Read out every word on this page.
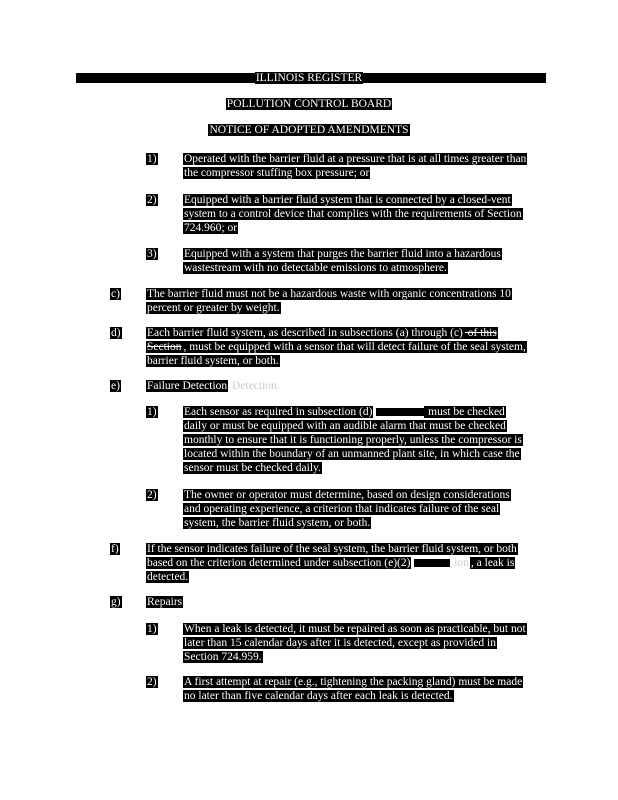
ILLINOIS REGISTER
POLLUTION CONTROL BOARD
NOTICE OF ADOPTED AMENDMENTS
1) Operated with the barrier fluid at a pressure that is at all times greater than
the compressor stuffing box pressure; or
2) Equipped with a barrier fluid system that is connected by a closed-vent
system to a control device that complies with the requirements of Section
724.960; or
3) Equipped with a system that purges the barrier fluid into a hazardous
wastestream with no detectable emissions to atmosphere.
c) The barrier fluid must not be a hazardous waste with organic concentrations 10
percent or greater by weight.
d) Each barrier fluid system, as described in subsections (a) through (c) of this
Section , must be equipped with a sensor that will detect failure of the seal system,
barrier fluid system, or both.
e) Failure Detection Detection.
1) Each sensor as required in subsection (d)	must be checked
daily or must be equipped with an audible alarm that must be checked
monthly to ensure that it is functioning properly, unless the compressor is
located within the boundary of an unmanned plant site, in which case the
sensor must be checked daily.
2) The owner or operator must determine, based on design considerations
and operating experience, a criterion that indicates failure of the seal
system, the barrier fluid system, or both.
f) If the sensor indicates failure of the seal system, the barrier fluid system, or both
based on the criterion determined under subsection (e)(2)	ion , a leak is
detected.
g) Repairs
1) When a leak is detected, it must be repaired as soon as practicable, but not
later than 15 calendar days after it is detected, except as provided in
Section 724.959.
2) A first attempt at repair (e.g., tightening the packing gland) must be made
no later than five calendar days after each leak is detected.
